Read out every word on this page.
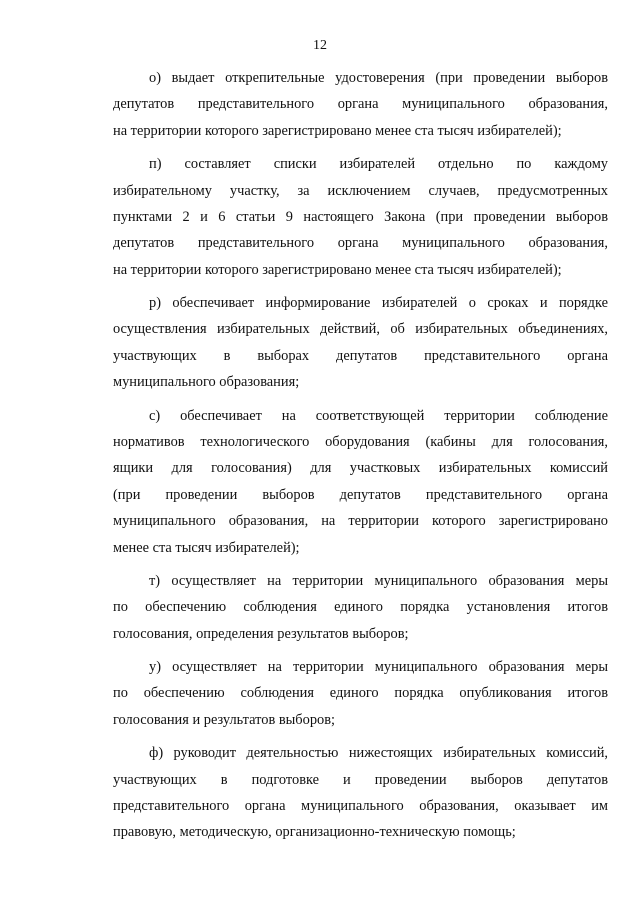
12

о) выдает открепительные удостоверения (при проведении выборов
депутатов представительного органа муниципального образования,
на территории которого зарегистрировано менее ста тысяч избирателей);

п) составляет списки избирателей отдельно по каждому
избирательному участку, за исключением случаев, предусмотренных
пунктами 2 и 6 статьи 9 настоящего Закона (при проведении выборов
депутатов представительного органа муниципального образования,
на территории которого зарегистрировано менее ста тысяч избирателей);

р) обеспечивает информирование избирателей о сроках и порядке
осуществления избирательных действий, об избирательных объединениях,
участвующих в выборах депутатов представительного органа
муниципального образования;

с) обеспечивает на соответствующей территории соблюдение
нормативов технологического оборудования (кабины для голосования,
ящики для голосования) для участковых избирательных комиссий
(при проведении выборов депутатов представительного органа
муниципального образования, на территории которого зарегистрировано
менее ста тысяч избирателей);

т) осуществляет на территории муниципального образования меры
по обеспечению соблюдения единого порядка установления итогов
голосования, определения результатов выборов;

у) осуществляет на территории муниципального образования меры
по обеспечению соблюдения единого порядка опубликования итогов
голосования и результатов выборов;

ф) руководит деятельностью нижестоящих избирательных комиссий,
участвующих в подготовке и проведении выборов депутатов
представительного органа муниципального образования, оказывает им
правовую, методическую, организационно-техническую помощь;
